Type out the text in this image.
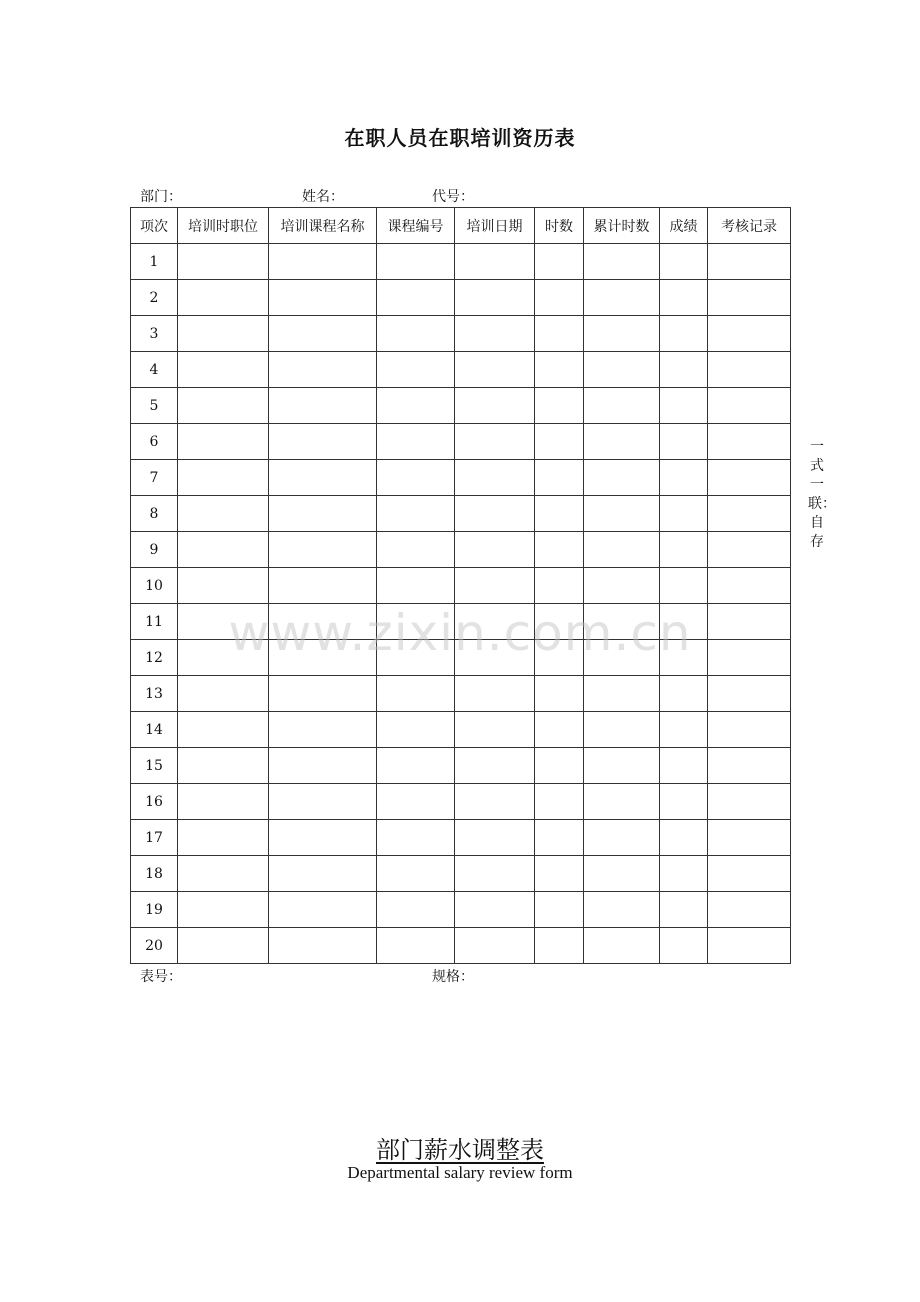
在职人员在职培训资历表
部门：	姓名：	代号：
项次	培训时职位	培训课程名称	课程编号	培训日期	时数	累计时数	成绩	考核记录
1								
2								
3								
4								
5								
6								
7								
8								
9								
10								
11								
12								
13								
14								
15								
16								
17								
18								
19								
20								
表号：	规格：
一式一联：自存
www.zixin.com.cn
部门薪水调整表
Departmental salary review form
